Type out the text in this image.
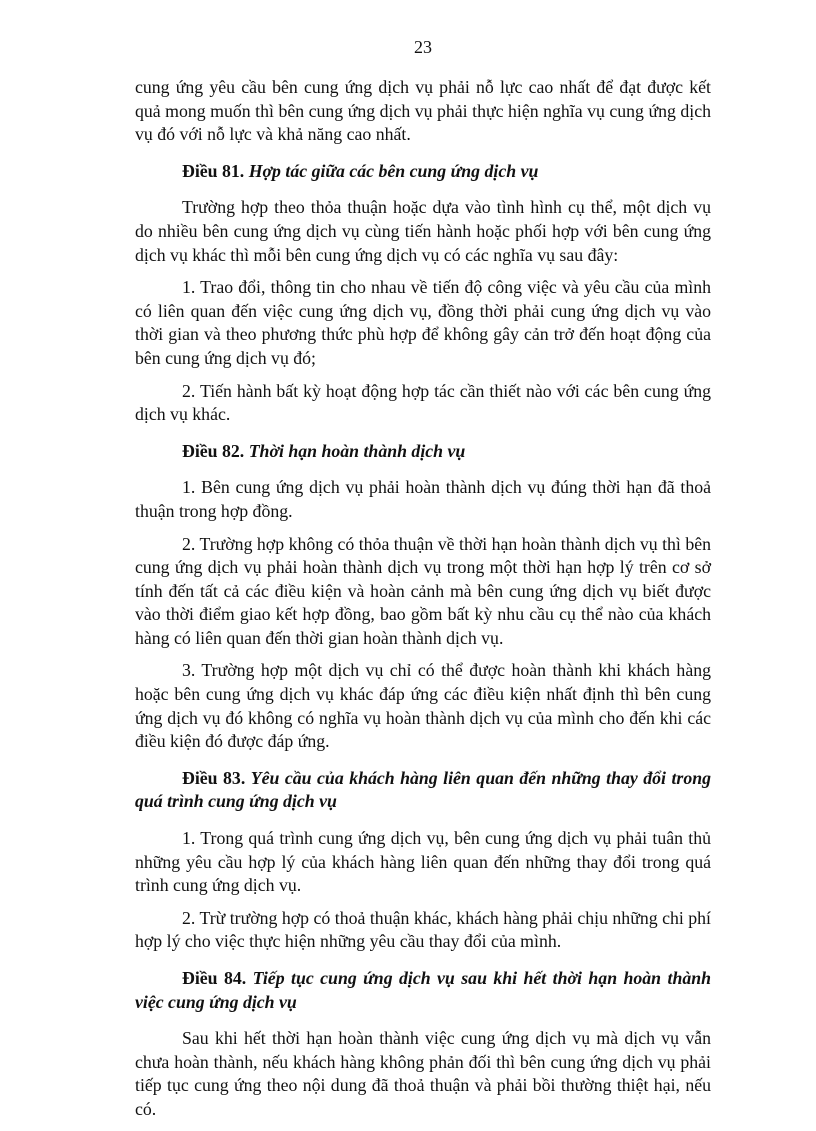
23

cung ứng yêu cầu bên cung ứng dịch vụ phải nỗ lực cao nhất để đạt được kết quả mong muốn thì bên cung ứng dịch vụ phải thực hiện nghĩa vụ cung ứng dịch vụ đó với nỗ lực và khả năng cao nhất.

Điều 81. Hợp tác giữa các bên cung ứng dịch vụ

Trường hợp theo thỏa thuận hoặc dựa vào tình hình cụ thể, một dịch vụ do nhiều bên cung ứng dịch vụ cùng tiến hành hoặc phối hợp với bên cung ứng dịch vụ khác thì mỗi bên cung ứng dịch vụ có các nghĩa vụ sau đây:

1. Trao đổi, thông tin cho nhau về tiến độ công việc và yêu cầu của mình có liên quan đến việc cung ứng dịch vụ, đồng thời phải cung ứng dịch vụ vào thời gian và theo phương thức phù hợp để không gây cản trở đến hoạt động của bên cung ứng dịch vụ đó;

2. Tiến hành bất kỳ hoạt động hợp tác cần thiết nào với các bên cung ứng dịch vụ khác.

Điều 82. Thời hạn hoàn thành dịch vụ

1. Bên cung ứng dịch vụ phải hoàn thành dịch vụ đúng thời hạn đã thoả thuận trong hợp đồng.

2. Trường hợp không có thỏa thuận về thời hạn hoàn thành dịch vụ thì bên cung ứng dịch vụ phải hoàn thành dịch vụ trong một thời hạn hợp lý trên cơ sở tính đến tất cả các điều kiện và hoàn cảnh mà bên cung ứng dịch vụ biết được vào thời điểm giao kết hợp đồng, bao gồm bất kỳ nhu cầu cụ thể nào của khách hàng có liên quan đến thời gian hoàn thành dịch vụ.

3. Trường hợp một dịch vụ chỉ có thể được hoàn thành khi khách hàng hoặc bên cung ứng dịch vụ khác đáp ứng các điều kiện nhất định thì bên cung ứng dịch vụ đó không có nghĩa vụ hoàn thành dịch vụ của mình cho đến khi các điều kiện đó được đáp ứng.

Điều 83. Yêu cầu của khách hàng liên quan đến những thay đổi trong quá trình cung ứng dịch vụ

1. Trong quá trình cung ứng dịch vụ, bên cung ứng dịch vụ phải tuân thủ những yêu cầu hợp lý của khách hàng liên quan đến những thay đổi trong quá trình cung ứng dịch vụ.

2. Trừ trường hợp có thoả thuận khác, khách hàng phải chịu những chi phí hợp lý cho việc thực hiện những yêu cầu thay đổi của mình.

Điều 84. Tiếp tục cung ứng dịch vụ sau khi hết thời hạn hoàn thành việc cung ứng dịch vụ

Sau khi hết thời hạn hoàn thành việc cung ứng dịch vụ mà dịch vụ vẫn chưa hoàn thành, nếu khách hàng không phản đối thì bên cung ứng dịch vụ phải tiếp tục cung ứng theo nội dung đã thoả thuận và phải bồi thường thiệt hại, nếu có.
